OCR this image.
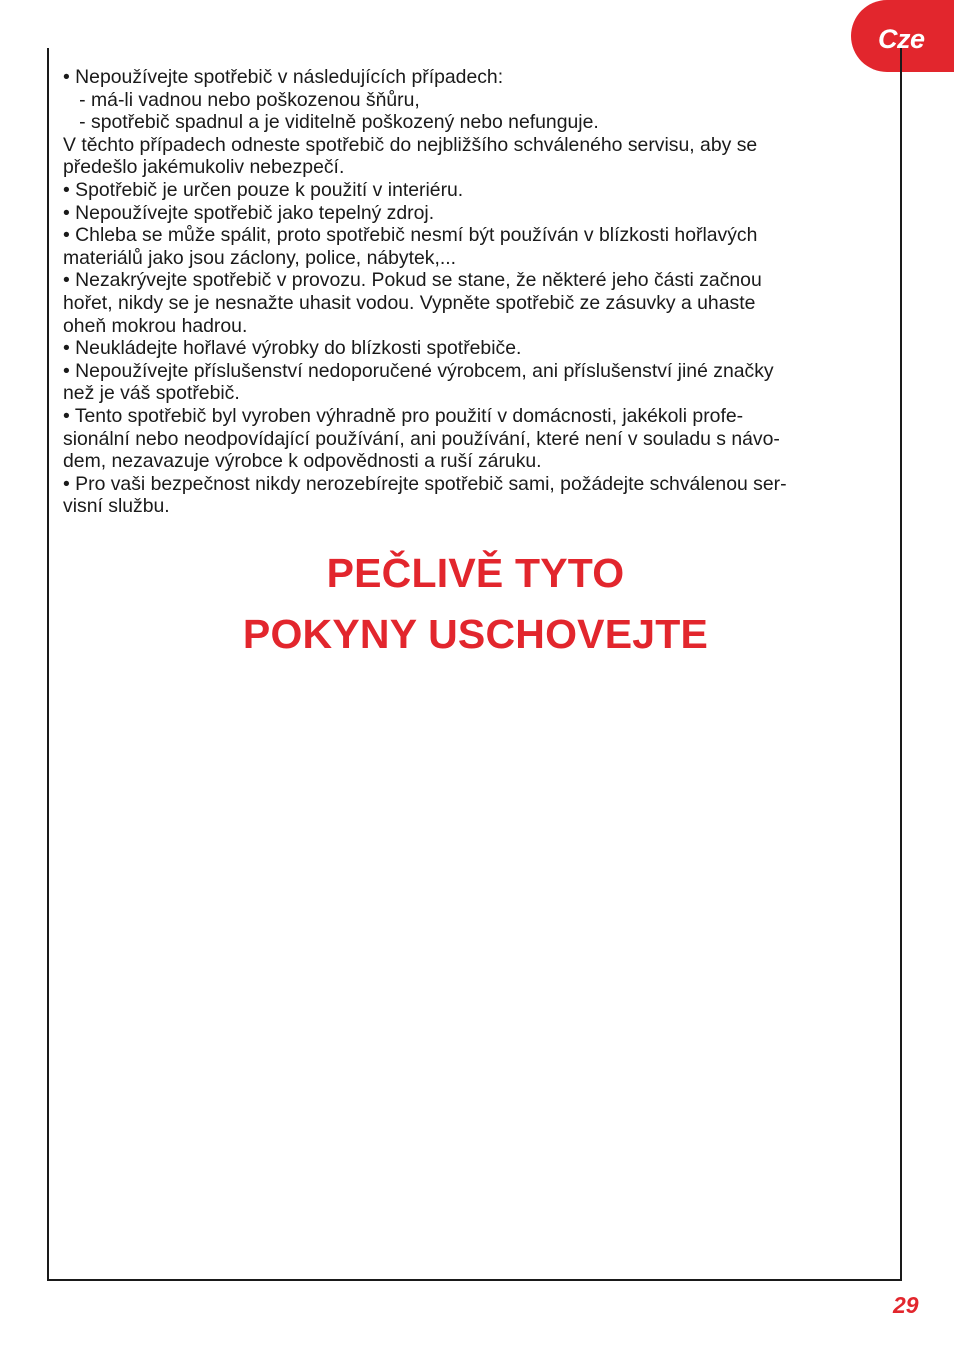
Cze

• Nepoužívejte spotřebič v následujících případech:

- má-li vadnou nebo poškozenou šňůru,

- spotřebič spadnul a je viditelně poškozený nebo nefunguje.

V těchto případech odneste spotřebič do nejbližšího schváleného servisu, aby se

předešlo jakémukoliv nebezpečí.

• Spotřebič je určen pouze k použití v interiéru.

• Nepoužívejte spotřebič jako tepelný zdroj.

• Chleba se může spálit, proto spotřebič nesmí být používán v blízkosti hořlavých

materiálů jako jsou záclony, police, nábytek,...

• Nezakrývejte spotřebič v provozu. Pokud se stane, že některé jeho části začnou

hořet, nikdy se je nesnažte uhasit vodou. Vypněte spotřebič ze zásuvky a uhaste

oheň mokrou hadrou.

• Neukládejte hořlavé výrobky do blízkosti spotřebiče.

• Nepoužívejte příslušenství nedoporučené výrobcem, ani příslušenství jiné značky

než je váš spotřebič.

• Tento spotřebič byl vyroben výhradně pro použití v domácnosti, jakékoli profe-

sionální nebo neodpovídající používání, ani používání, které není v souladu s návo-

dem, nezavazuje výrobce k odpovědnosti a ruší záruku.

• Pro vaši bezpečnost nikdy nerozebírejte spotřebič sami, požádejte schválenou ser-

visní službu.

PEČLIVĚ TYTO
POKYNY USCHOVEJTE
29
